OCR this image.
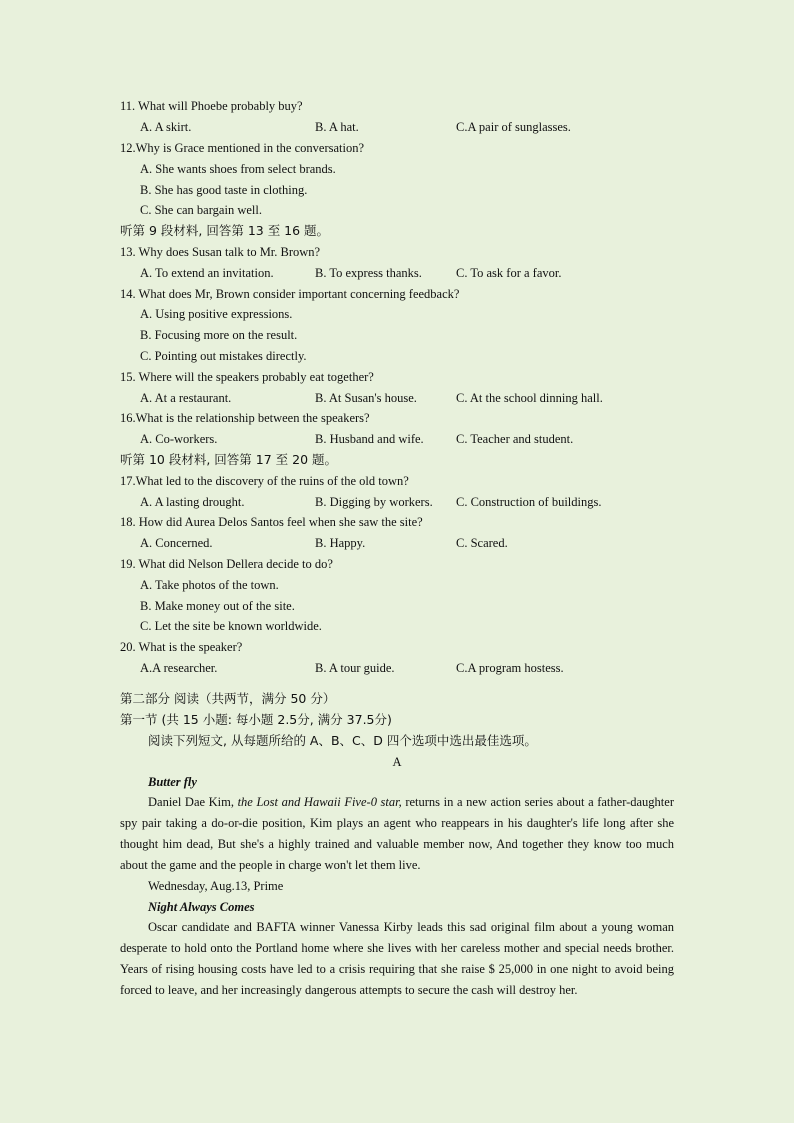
11. What will Phoebe probably buy?
A. A skirt.	B. A hat.	C.A pair of sunglasses.
12.Why is Grace mentioned in the conversation?
A. She wants shoes from select brands.
B. She has good taste in clothing.
C. She can bargain well.
听第 9 段材料, 回答第 13 至 16 题。
13. Why does Susan talk to Mr. Brown?
A. To extend an invitation.	B. To express thanks.	C. To ask for a favor.
14. What does Mr, Brown consider important concerning feedback?
A. Using positive expressions.
B. Focusing more on the result.
C. Pointing out mistakes directly.
15. Where will the speakers probably eat together?
A. At a restaurant.	B. At Susan's house.	C. At the school dinning hall.
16.What is the relationship between the speakers?
A. Co-workers.	B. Husband and wife.	C. Teacher and student.
听第 10 段材料, 回答第 17 至 20 题。
17.What led to the discovery of the ruins of the old town?
A. A lasting drought.	B. Digging by workers. C. Construction of buildings.
18. How did Aurea Delos Santos feel when she saw the site?
A. Concerned.	B. Happy.	C. Scared.
19. What did Nelson Dellera decide to do?
A. Take photos of the town.
B. Make money out of the site.
C. Let the site be known worldwide.
20. What is the speaker?
A.A researcher.	B. A tour guide.	C.A program hostess.
第二部分 阅读（共两节，满分 50 分）
第一节 (共 15 小题: 每小题 2.5分, 满分 37.5分)
阅读下列短文, 从每题所给的 A、B、C、D 四个选项中选出最佳选项。
A
Butter fly
Daniel Dae Kim, the Lost and Hawaii Five-0 star, returns in a new action series about a father-daughter spy pair taking a do-or-die position, Kim plays an agent who reappears in his daughter's life long after she thought him dead, But she's a highly trained and valuable member now, And together they know too much about the game and the people in charge won't let them live.
Wednesday, Aug.13, Prime
Night Always Comes
Oscar candidate and BAFTA winner Vanessa Kirby leads this sad original film about a young woman desperate to hold onto the Portland home where she lives with her careless mother and special needs brother. Years of rising housing costs have led to a crisis requiring that she raise $ 25,000 in one night to avoid being forced to leave, and her increasingly dangerous attempts to secure the cash will destroy her.
